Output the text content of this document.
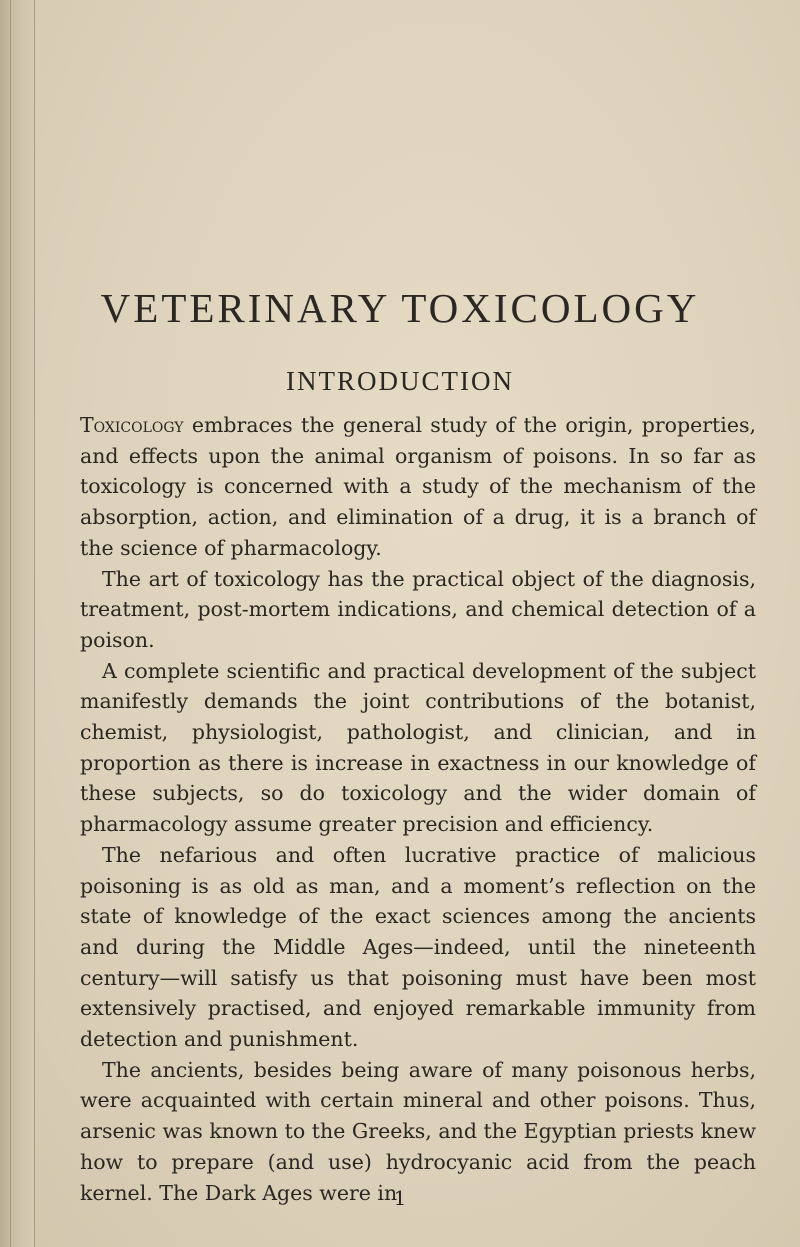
VETERINARY TOXICOLOGY
INTRODUCTION

Toxicology embraces the general study of the origin, properties, and effects upon the animal organism of poisons. In so far as toxicology is concerned with a study of the mechanism of the absorption, action, and elimination of a drug, it is a branch of the science of pharmacology.

The art of toxicology has the practical object of the diagnosis, treatment, post-mortem indications, and chemical detection of a poison.

A complete scientific and practical development of the subject manifestly demands the joint contributions of the botanist, chemist, physiologist, pathologist, and clinician, and in proportion as there is increase in exactness in our knowledge of these subjects, so do toxicology and the wider domain of pharmacology assume greater precision and efficiency.

The nefarious and often lucrative practice of malicious poisoning is as old as man, and a moment’s reflection on the state of knowledge of the exact sciences among the ancients and during the Middle Ages—indeed, until the nineteenth century—will satisfy us that poisoning must have been most extensively practised, and enjoyed remarkable immunity from detection and punishment.

The ancients, besides being aware of many poisonous herbs, were acquainted with certain mineral and other poisons. Thus, arsenic was known to the Greeks, and the Egyptian priests knew how to prepare (and use) hydrocyanic acid from the peach kernel. The Dark Ages were in

1
